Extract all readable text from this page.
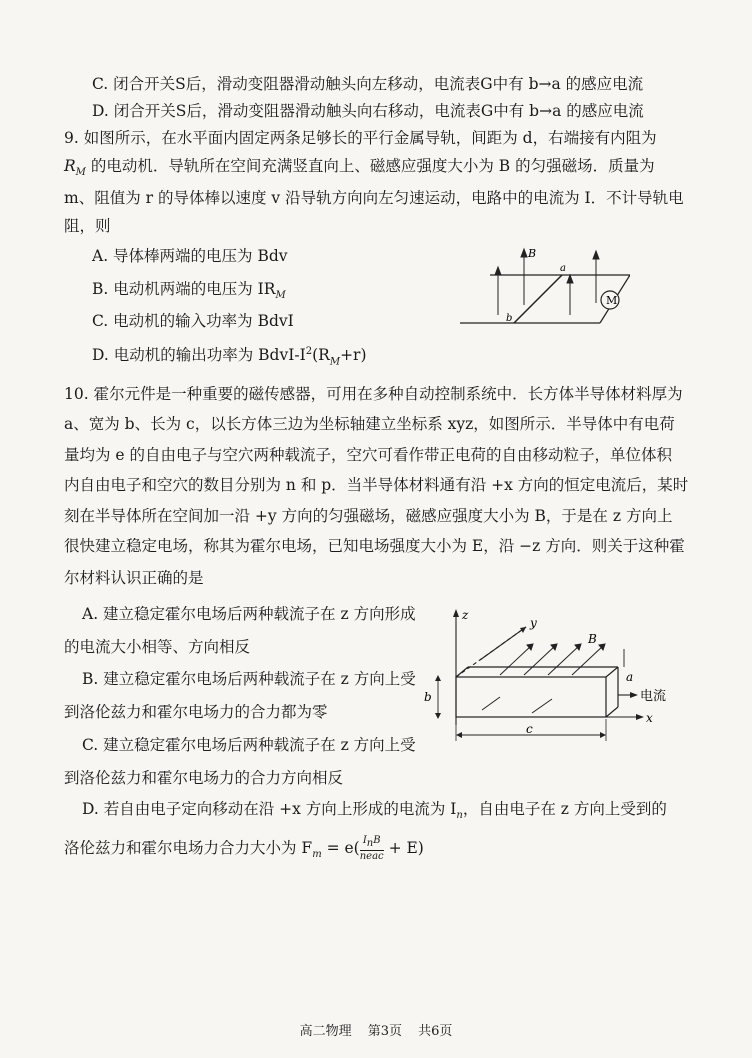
C. 闭合开关S后，滑动变阻器滑动触头向左移动，电流表G中有 b→a 的感应电流
D. 闭合开关S后，滑动变阻器滑动触头向右移动，电流表G中有 b→a 的感应电流
9. 如图所示，在水平面内固定两条足够长的平行金属导轨，间距为 d，右端接有内阻为
$R_M$ 的电动机．导轨所在空间充满竖直向上、磁感应强度大小为 B 的匀强磁场．质量为
m、阻值为 r 的导体棒以速度 v 沿导轨方向向左匀速运动，电路中的电流为 I．不计导轨电
阻，则
A. 导体棒两端的电压为 Bdv
B. 电动机两端的电压为 $IR_M$
C. 电动机的输入功率为 BdvI
D. 电动机的输出功率为 BdvI-$I^2(R_M+r)$
M
B
a
b
10. 霍尔元件是一种重要的磁传感器，可用在多种自动控制系统中．长方体半导体材料厚为
a、宽为 b、长为 c，以长方体三边为坐标轴建立坐标系 xyz，如图所示．半导体中有电荷
量均为 e 的自由电子与空穴两种载流子，空穴可看作带正电荷的自由移动粒子，单位体积
内自由电子和空穴的数目分别为 n 和 p．当半导体材料通有沿 +x 方向的恒定电流后，某时
刻在半导体所在空间加一沿 +y 方向的匀强磁场，磁感应强度大小为 B，于是在 z 方向上
很快建立稳定电场，称其为霍尔电场，已知电场强度大小为 E，沿 −z 方向．则关于这种霍
尔材料认识正确的是
A. 建立稳定霍尔电场后两种载流子在 z 方向形成
的电流大小相等、方向相反
B. 建立稳定霍尔电场后两种载流子在 z 方向上受
到洛伦兹力和霍尔电场力的合力都为零
C. 建立稳定霍尔电场后两种载流子在 z 方向上受
到洛伦兹力和霍尔电场力的合力方向相反
D. 若自由电子定向移动在沿 +x 方向上形成的电流为 $I_n$，自由电子在 z 方向上受到的
洛伦兹力和霍尔电场力合力大小为 $F_m = e( \frac{I_nB}{\text{neac}} + E)$
z
y
x
电流
B
a
b
c
高二物理 第3页 共6页
